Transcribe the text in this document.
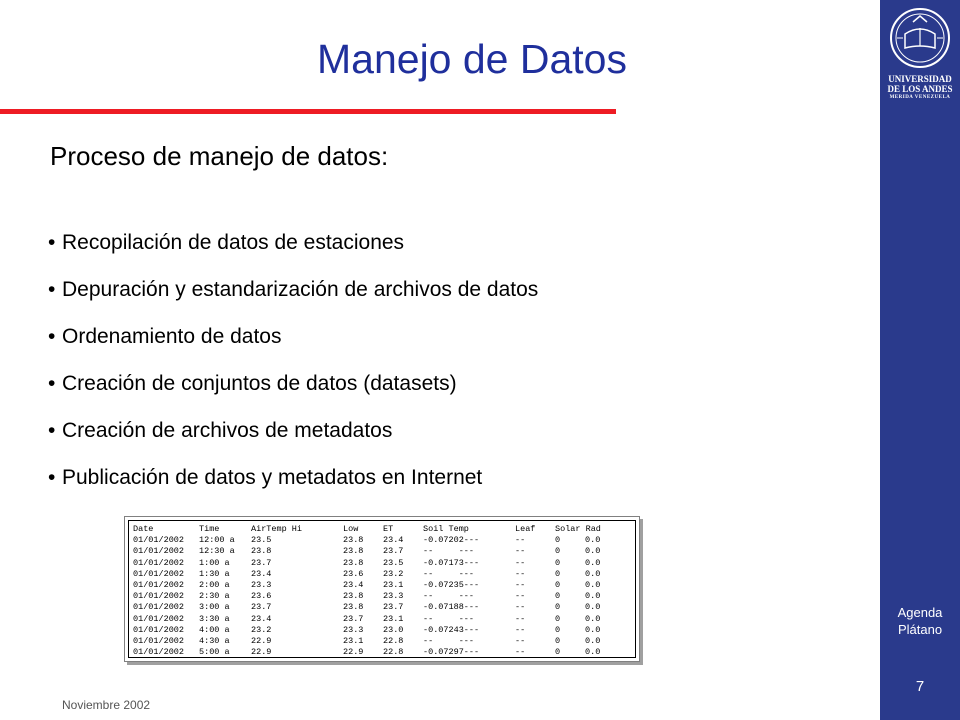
UNIVERSIDAD
DE LOS ANDES
MERIDA VENEZUELA
Agenda
Plátano
7
Manejo de Datos
Proceso de manejo de datos:
• Recopilación de datos de estaciones
• Depuración y estandarización de archivos de datos
• Ordenamiento de datos
• Creación de conjuntos de datos (datasets)
• Creación de archivos de metadatos
• Publicación de datos y metadatos en Internet
Date	Time	AirTemp Hi		Low	ET	Soil Temp	Leaf	Solar Rad	
01/01/2002	12:00 a	23.5		23.8	23.4	-0.07202---	--	0	0.0
01/01/2002	12:30 a	23.8		23.8	23.7	--     ---	--	0	0.0
01/01/2002	1:00 a	23.7		23.8	23.5	-0.07173---	--	0	0.0
01/01/2002	1:30 a	23.4		23.6	23.2	--     ---	--	0	0.0
01/01/2002	2:00 a	23.3		23.4	23.1	-0.07235---	--	0	0.0
01/01/2002	2:30 a	23.6		23.8	23.3	--     ---	--	0	0.0
01/01/2002	3:00 a	23.7		23.8	23.7	-0.07188---	--	0	0.0
01/01/2002	3:30 a	23.4		23.7	23.1	--     ---	--	0	0.0
01/01/2002	4:00 a	23.2		23.3	23.0	-0.07243---	--	0	0.0
01/01/2002	4:30 a	22.9		23.1	22.8	--     ---	--	0	0.0
01/01/2002	5:00 a	22.9		22.9	22.8	-0.07297---	--	0	0.0
Noviembre 2002
